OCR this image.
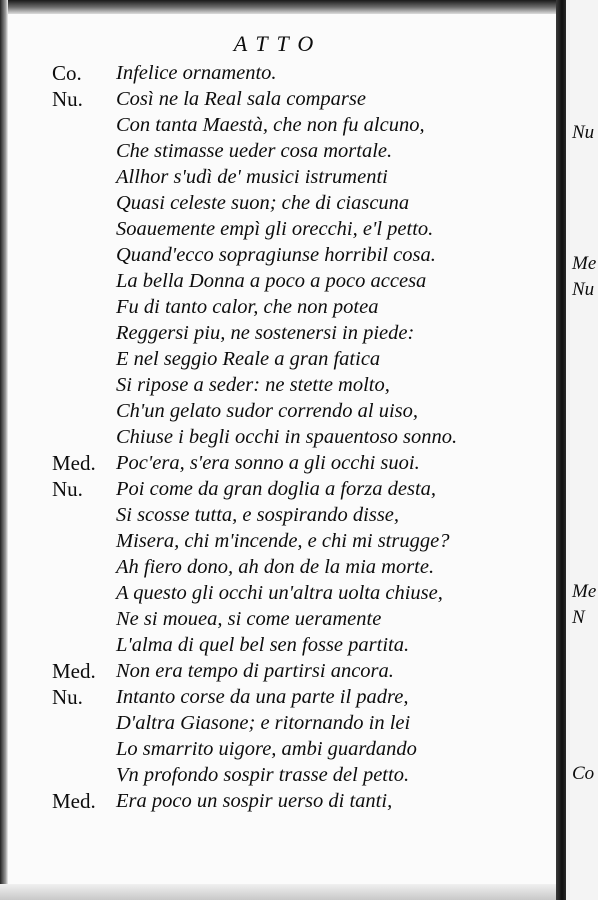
ATTO
Co. Infelice ornamento.
Nu. Così ne la Real sala comparse
Con tanta Maestà, che non fu alcuno,
Che stimasse ueder cosa mortale.
Allhor s'udì de' musici istrumenti
Quasi celeste suon; che di ciascuna
Soauemente empì gli orecchi, e'l petto.
Quand'ecco sopragiunse horribil cosa.
La bella Donna a poco a poco accesa
Fu di tanto calor, che non potea
Reggersi piu, ne sostenersi in piede:
E nel seggio Reale a gran fatica
Si ripose a seder: ne stette molto,
Ch'un gelato sudor correndo al uiso,
Chiuse i begli occhi in spauentoso sonno.
Med. Poc'era, s'era sonno a gli occhi suoi.
Nu. Poi come da gran doglia a forza desta,
Si scosse tutta, e sospirando disse,
Misera, chi m'incende, e chi mi strugge?
Ah fiero dono, ah don de la mia morte.
A questo gli occhi un'altra uolta chiuse,
Ne si mouea, si come ueramente
L'alma di quel bel sen fosse partita.
Med. Non era tempo di partirsi ancora.
Nu. Intanto corse da una parte il padre,
D'altra Giasone; e ritornando in lei
Lo smarrito uigore, ambi guardando
Vn profondo sospir trasse del petto.
Med. Era poco un sospir uerso di tanti,
Nu
Me
Nu
Me
N
Co
